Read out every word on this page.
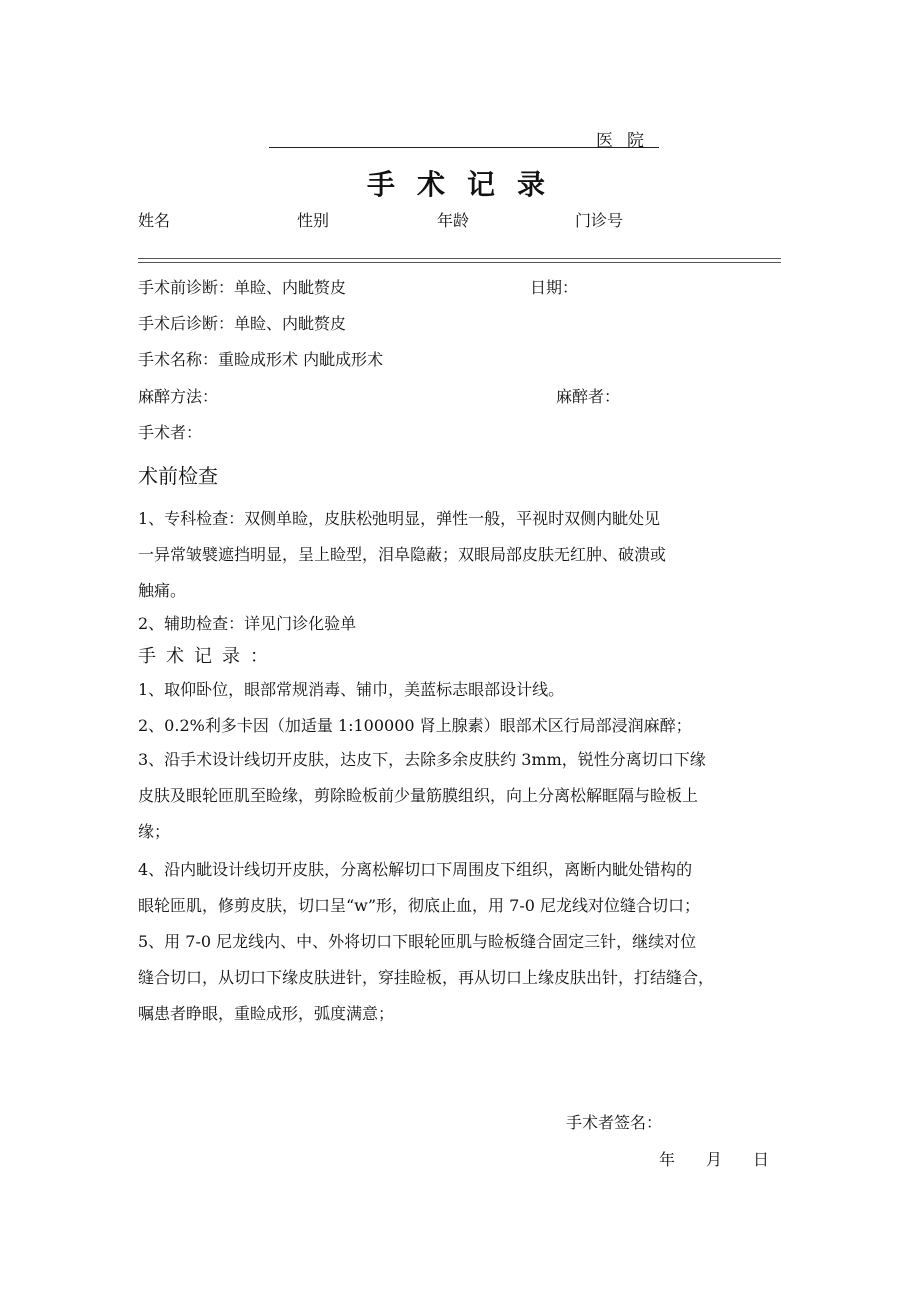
医院
手术记录
姓名	性别	年龄	门诊号
手术前诊断：单睑、内眦赘皮	日期：
手术后诊断：单睑、内眦赘皮
手术名称：重睑成形术 内眦成形术
麻醉方法：	麻醉者：
手术者：
术前检查
1、专科检查：双侧单睑，皮肤松弛明显，弹性一般，平视时双侧内眦处见
一异常皱襞遮挡明显，呈上睑型，泪阜隐蔽；双眼局部皮肤无红肿、破溃或
触痛。
2、辅助检查：详见门诊化验单
手术记录：
1、取仰卧位，眼部常规消毒、铺巾，美蓝标志眼部设计线。
2、0.2%利多卡因（加适量 1:100000 肾上腺素）眼部术区行局部浸润麻醉；
3、沿手术设计线切开皮肤，达皮下，去除多余皮肤约 3mm，锐性分离切口下缘
皮肤及眼轮匝肌至睑缘，剪除睑板前少量筋膜组织，向上分离松解眶隔与睑板上
缘；
4、沿内眦设计线切开皮肤，分离松解切口下周围皮下组织，离断内眦处错构的
眼轮匝肌，修剪皮肤，切口呈“w”形，彻底止血，用 7-0 尼龙线对位缝合切口；
5、用 7-0 尼龙线内、中、外将切口下眼轮匝肌与睑板缝合固定三针，继续对位
缝合切口，从切口下缘皮肤进针，穿挂睑板，再从切口上缘皮肤出针，打结缝合，
嘱患者睁眼，重睑成形，弧度满意；
手术者签名：
年 月 日
